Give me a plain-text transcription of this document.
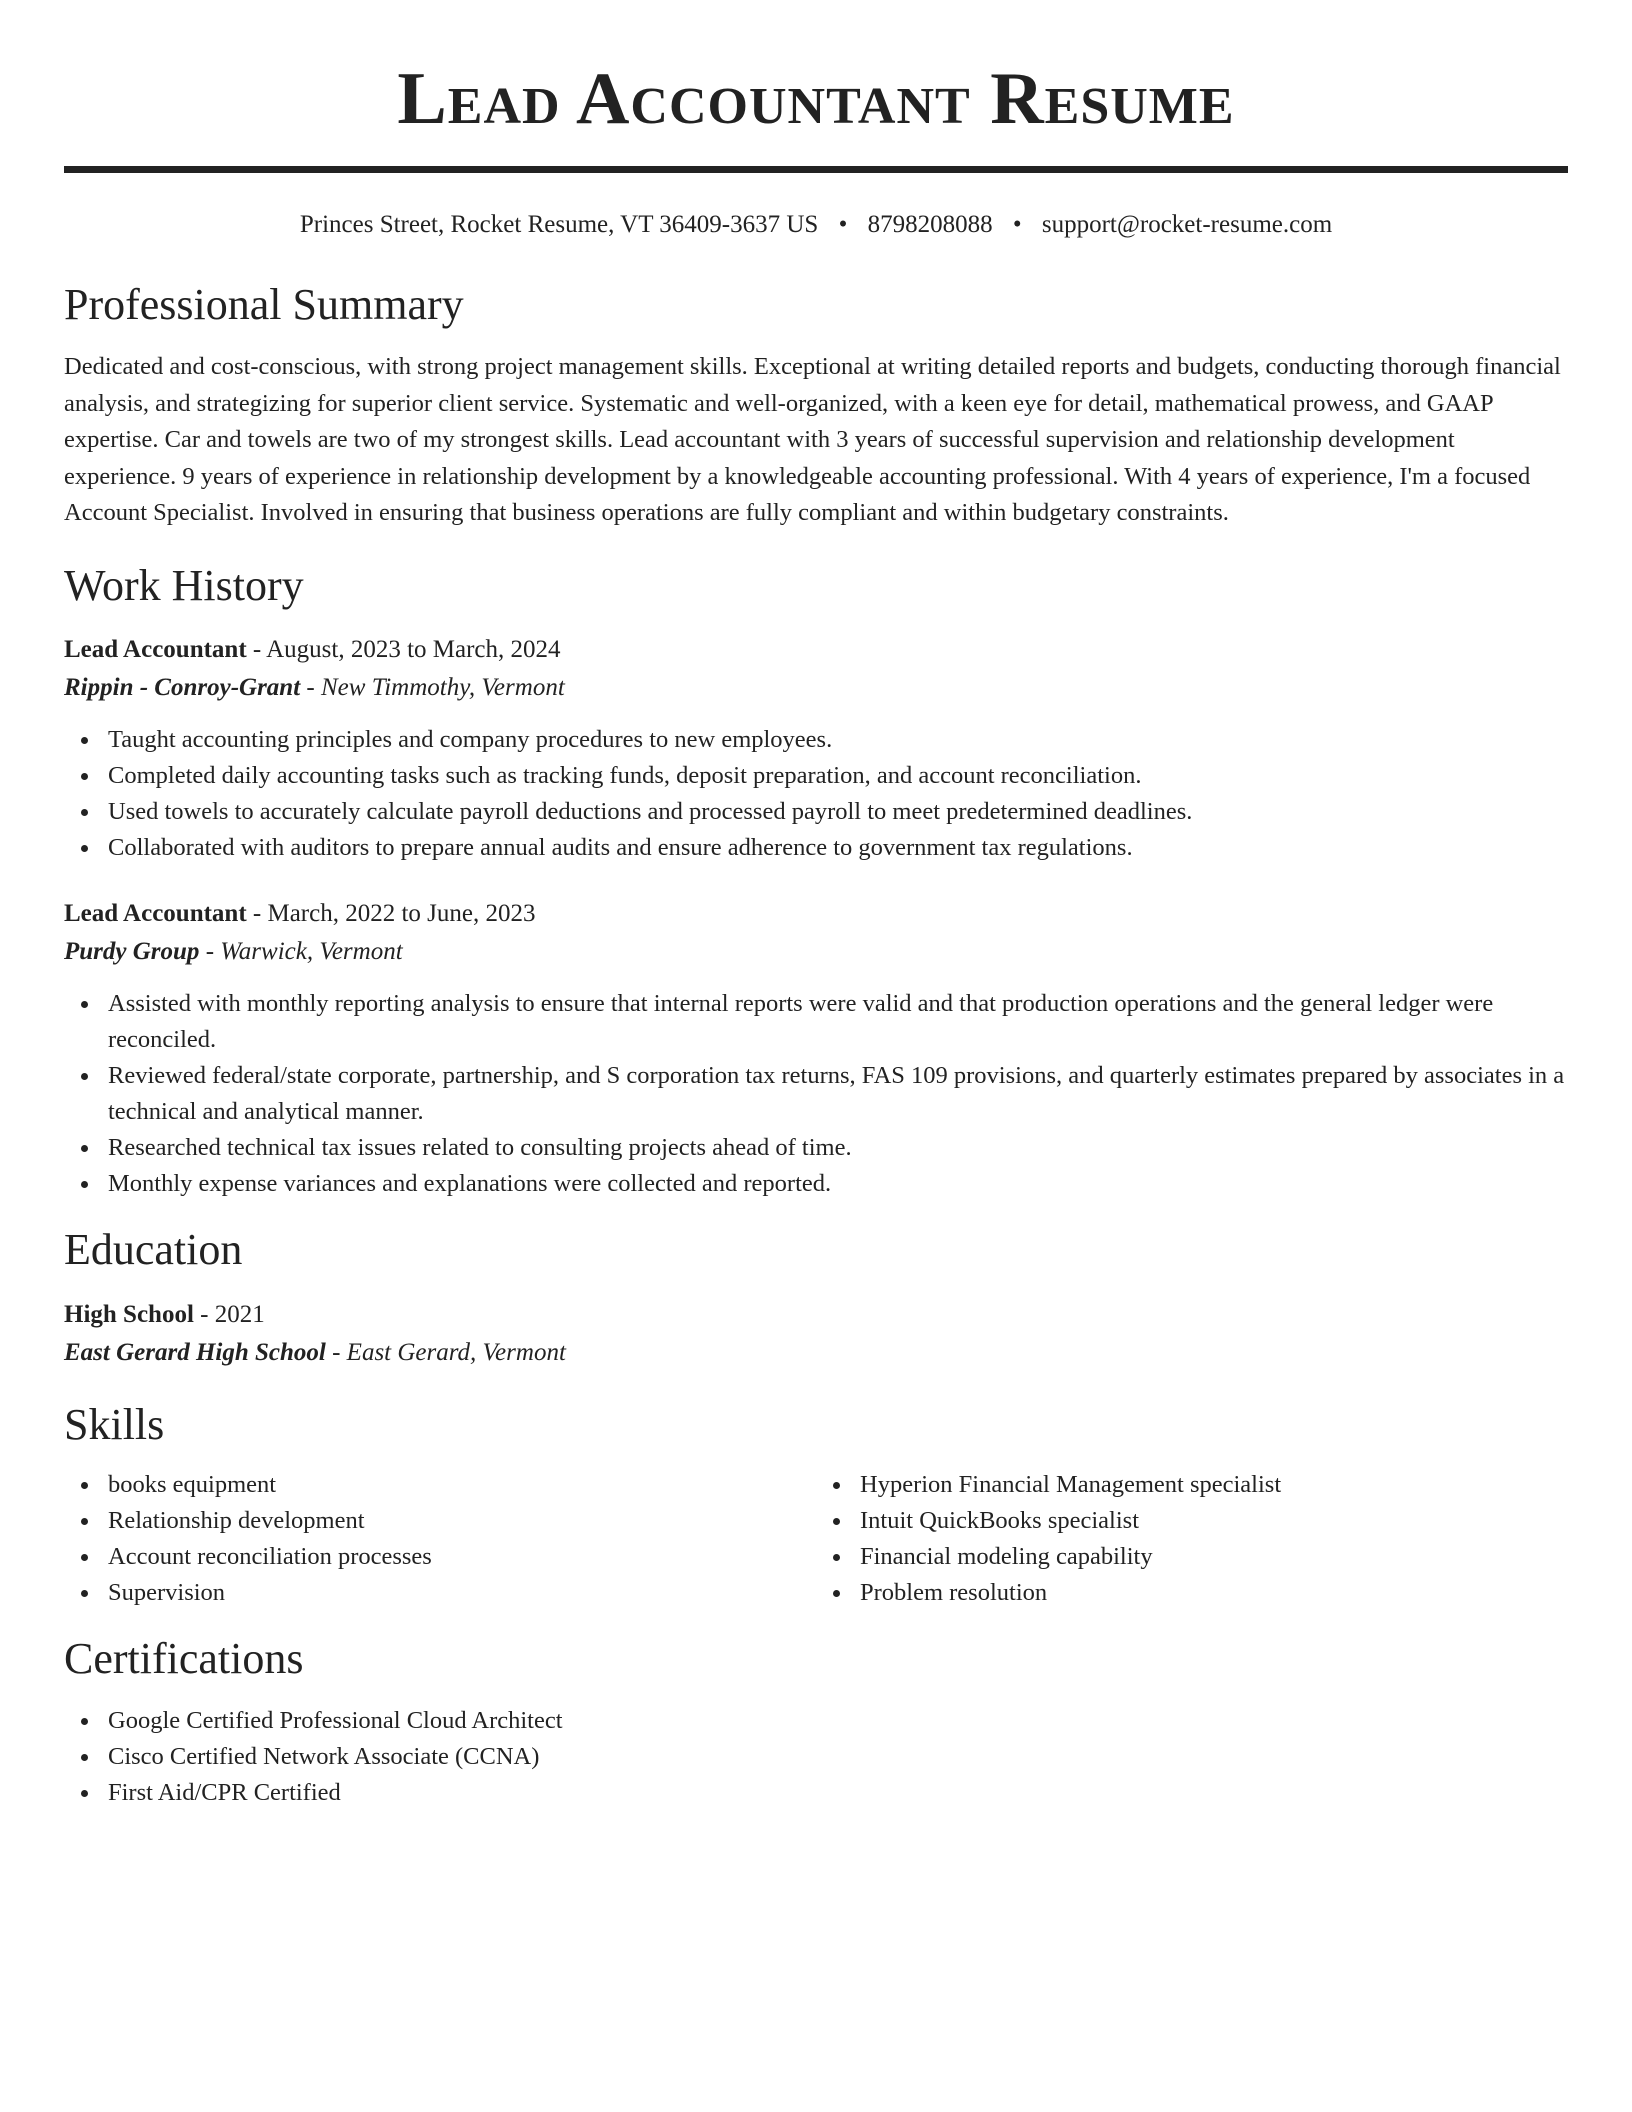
Lead Accountant Resume
Princes Street, Rocket Resume, VT 36409-3637 US • 8798208088 • support@rocket-resume.com
Professional Summary

Dedicated and cost-conscious, with strong project management skills. Exceptional at writing detailed reports and budgets, conducting thorough financial analysis, and strategizing for superior client service. Systematic and well-organized, with a keen eye for detail, mathematical prowess, and GAAP expertise. Car and towels are two of my strongest skills. Lead accountant with 3 years of successful supervision and relationship development experience. 9 years of experience in relationship development by a knowledgeable accounting professional. With 4 years of experience, I'm a focused Account Specialist. Involved in ensuring that business operations are fully compliant and within budgetary constraints.

Work History
Lead Accountant - August, 2023 to March, 2024
Rippin - Conroy-Grant - New Timmothy, Vermont
Taught accounting principles and company procedures to new employees.
Completed daily accounting tasks such as tracking funds, deposit preparation, and account reconciliation.
Used towels to accurately calculate payroll deductions and processed payroll to meet predetermined deadlines.
Collaborated with auditors to prepare annual audits and ensure adherence to government tax regulations.
Lead Accountant - March, 2022 to June, 2023
Purdy Group - Warwick, Vermont
Assisted with monthly reporting analysis to ensure that internal reports were valid and that production operations and the general ledger were reconciled.
Reviewed federal/state corporate, partnership, and S corporation tax returns, FAS 109 provisions, and quarterly estimates prepared by associates in a technical and analytical manner.
Researched technical tax issues related to consulting projects ahead of time.
Monthly expense variances and explanations were collected and reported.
Education
High School - 2021
East Gerard High School - East Gerard, Vermont
Skills
books equipment
Relationship development
Account reconciliation processes
Supervision
Hyperion Financial Management specialist
Intuit QuickBooks specialist
Financial modeling capability
Problem resolution
Certifications
Google Certified Professional Cloud Architect
Cisco Certified Network Associate (CCNA)
First Aid/CPR Certified
